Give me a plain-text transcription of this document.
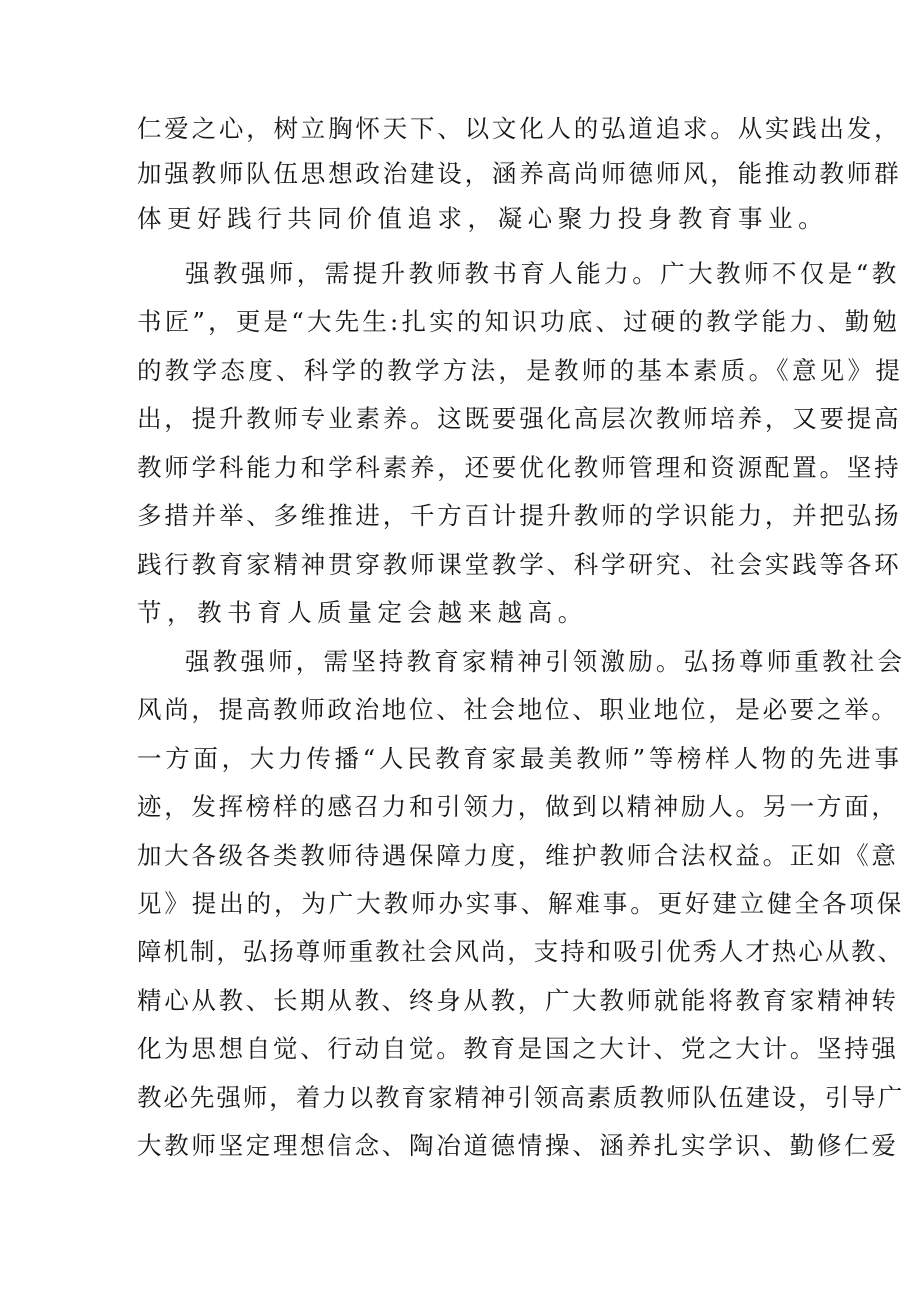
仁爱之心，树立胸怀天下、以文化人的弘道追求。从实践出发，
加强教师队伍思想政治建设，涵养高尚师德师风，能推动教师群
体更好践行共同价值追求，凝心聚力投身教育事业。
强教强师，需提升教师教书育人能力。广大教师不仅是“教
书匠”，更是“大先生:扎实的知识功底、过硬的教学能力、勤勉
的教学态度、科学的教学方法，是教师的基本素质。《意见》提
出，提升教师专业素养。这既要强化高层次教师培养，又要提高
教师学科能力和学科素养，还要优化教师管理和资源配置。坚持
多措并举、多维推进，千方百计提升教师的学识能力，并把弘扬
践行教育家精神贯穿教师课堂教学、科学研究、社会实践等各环
节，教书育人质量定会越来越高。
强教强师，需坚持教育家精神引领激励。弘扬尊师重教社会
风尚，提高教师政治地位、社会地位、职业地位，是必要之举。
一方面，大力传播“人民教育家最美教师”等榜样人物的先进事
迹，发挥榜样的感召力和引领力，做到以精神励人。另一方面，
加大各级各类教师待遇保障力度，维护教师合法权益。正如《意
见》提出的，为广大教师办实事、解难事。更好建立健全各项保
障机制，弘扬尊师重教社会风尚，支持和吸引优秀人才热心从教、
精心从教、长期从教、终身从教，广大教师就能将教育家精神转
化为思想自觉、行动自觉。教育是国之大计、党之大计。坚持强
教必先强师，着力以教育家精神引领高素质教师队伍建设，引导广
大教师坚定理想信念、陶冶道德情操、涵养扎实学识、勤修仁爱
